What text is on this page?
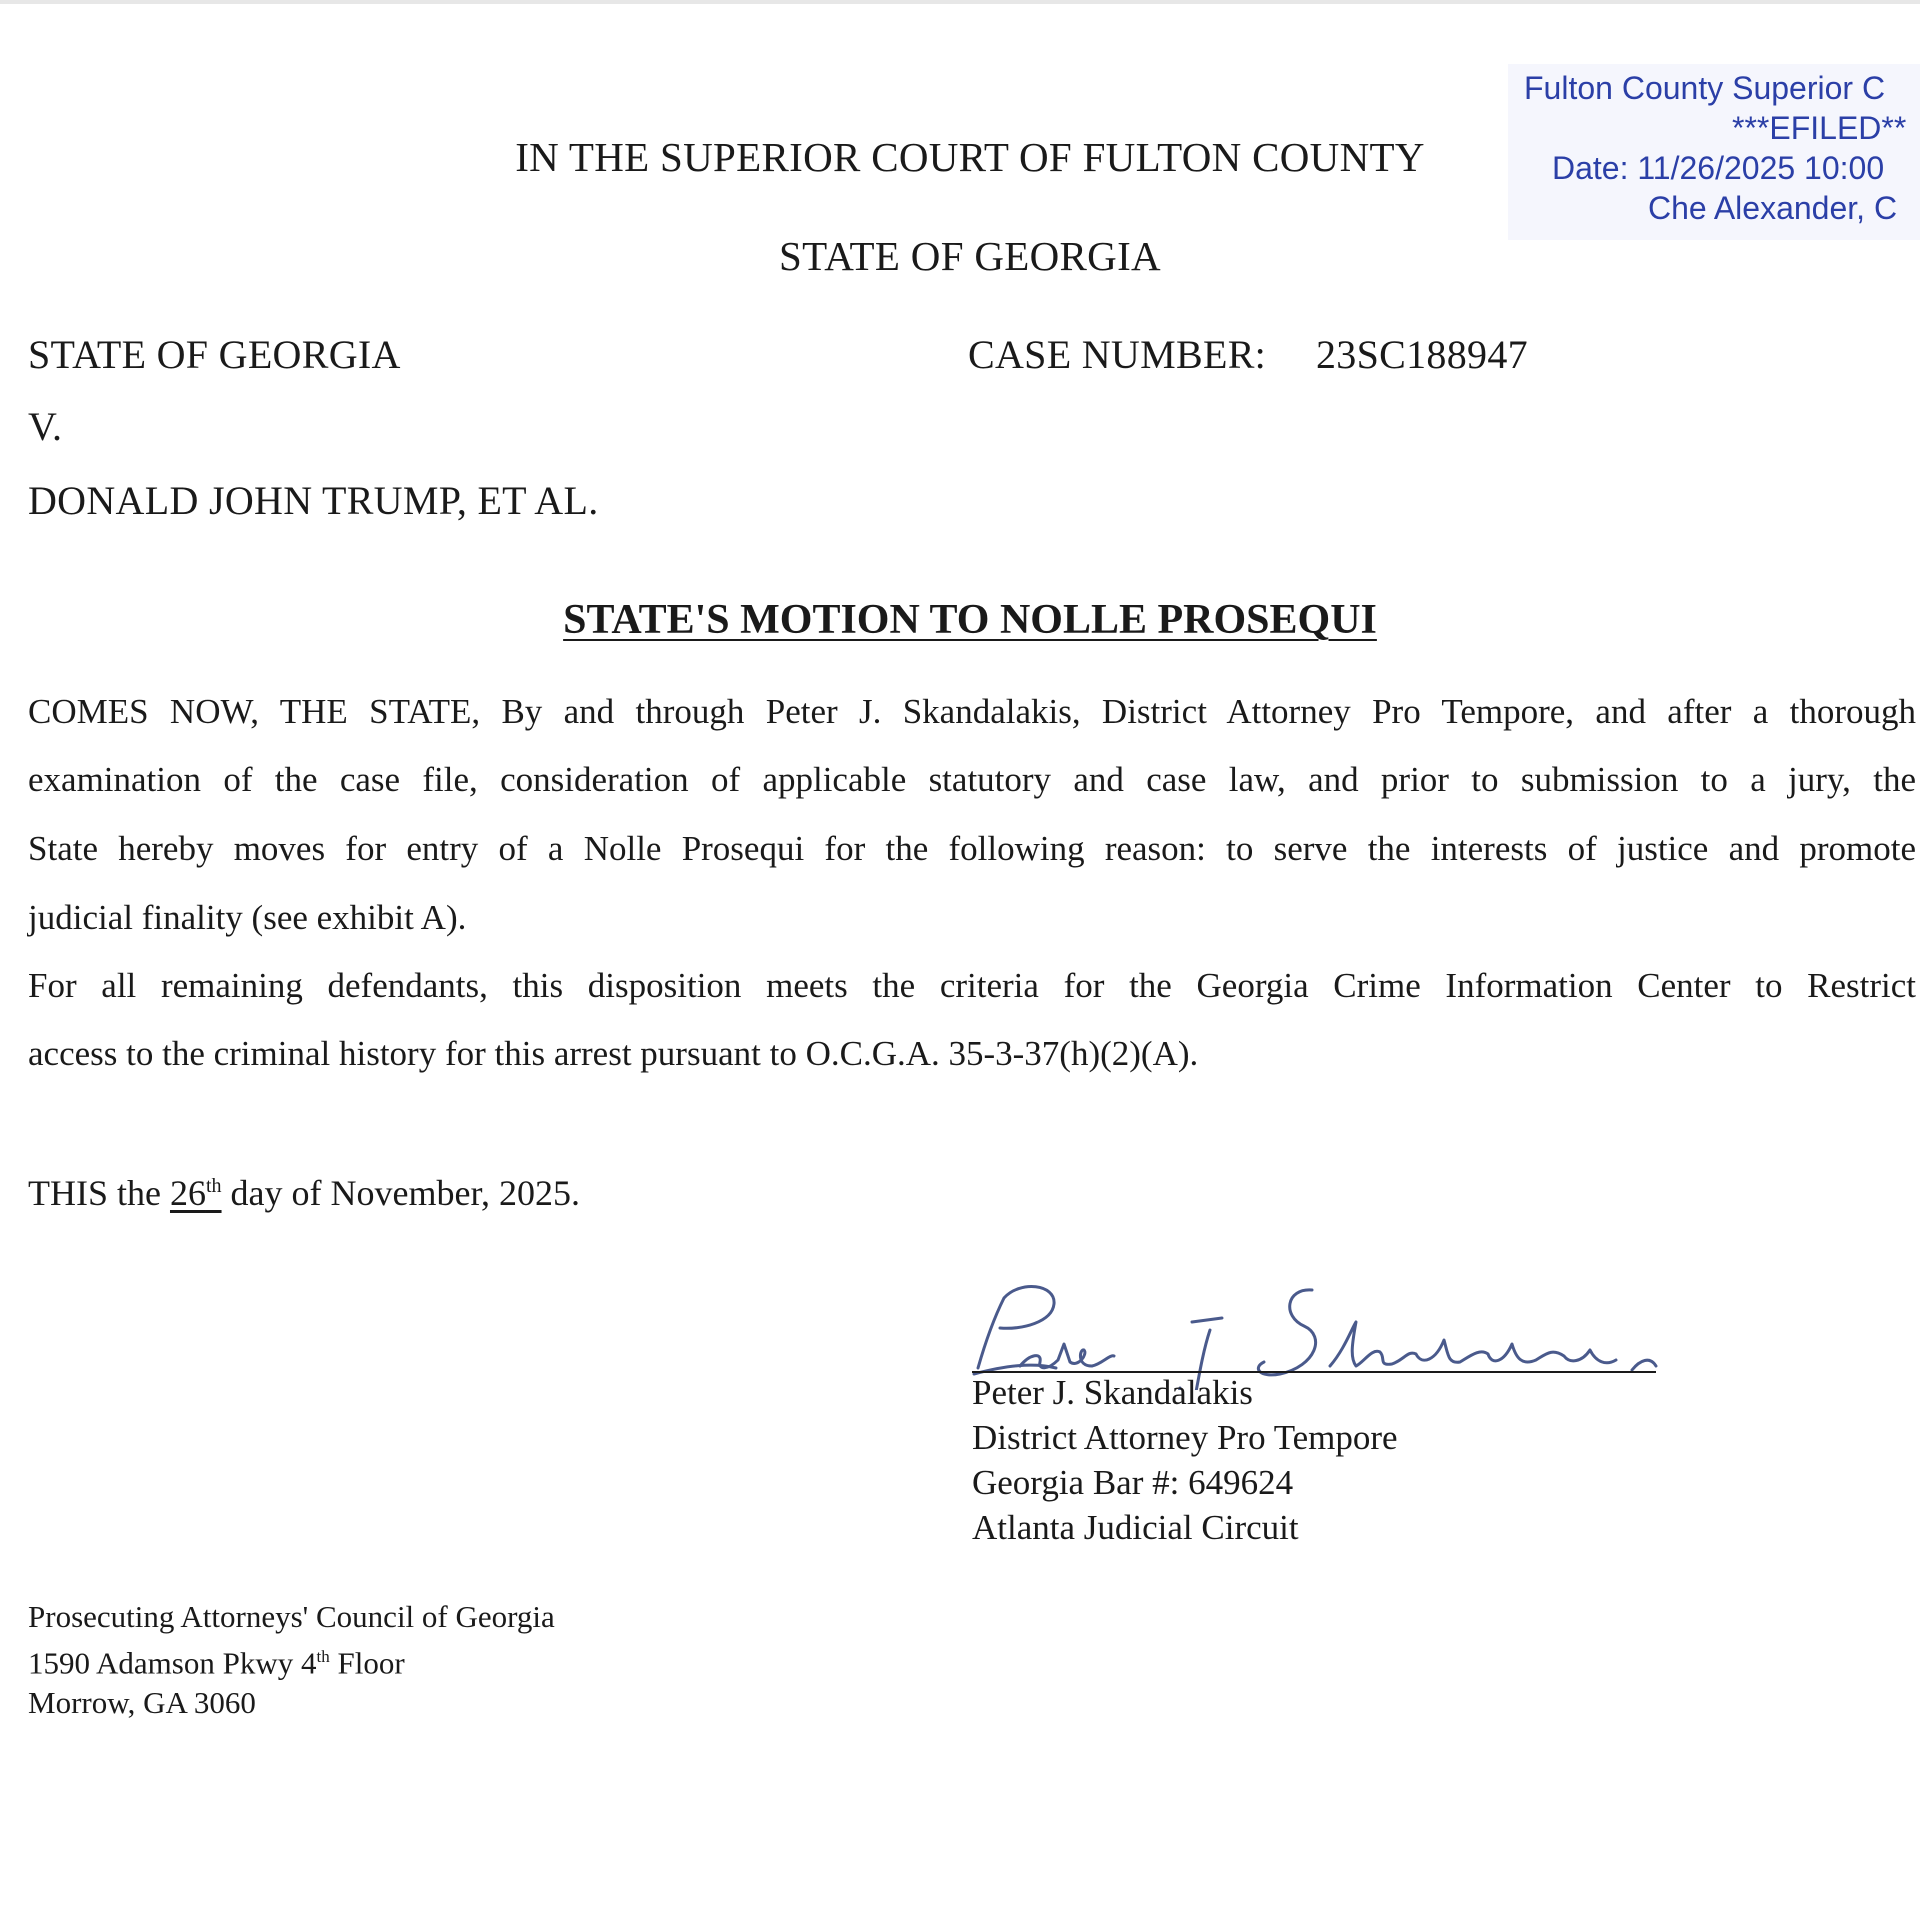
Fulton County Superior C
***EFILED**
Date: 11/26/2025 10:00
Che Alexander, C
IN THE SUPERIOR COURT OF FULTON COUNTY
STATE OF GEORGIA
STATE OF GEORGIA
V.
DONALD JOHN TRUMP, ET AL.
CASE NUMBER: 23SC188947
STATE'S MOTION TO NOLLE PROSEQUI
COMES NOW, THE STATE, By and through Peter J. Skandalakis, District Attorney Pro Tempore, and after a thorough
examination of the case file, consideration of applicable statutory and case law, and prior to submission to a jury, the
State hereby moves for entry of a Nolle Prosequi for the following reason: to serve the interests of justice and promote
judicial finality (see exhibit A).
For all remaining defendants, this disposition meets the criteria for the Georgia Crime Information Center to Restrict
access to the criminal history for this arrest pursuant to O.C.G.A. 35-3-37(h)(2)(A).
THIS the 26th day of November, 2025.
Peter J. Skandalakis
District Attorney Pro Tempore
Georgia Bar #: 649624
Atlanta Judicial Circuit
Prosecuting Attorneys' Council of Georgia
1590 Adamson Pkwy 4th Floor
Morrow, GA 3060
